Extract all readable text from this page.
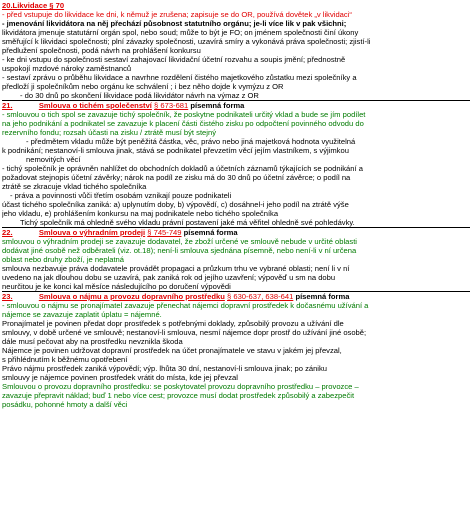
20.Likvidace § 70
- před vstupuje do likvidace ke dni, k němuž je zrušena; zapisuje se do OR, používá dovětek „v likvidaci“
- jmenování likvidátora na něj přechází působnost statutního orgánu; je-li více lik v pak všichni;
likvidátora jmenuje statutární orgán spol, nebo soud; může to být je FO; on jménem společnosti činí úkony
směřující k likvidaci společnosti; plní závazky společnosti, uzavírá smíry a vykonává práva společnosti; zjistí-li
předlužení společnosti, podá návrh na prohlášení konkursu
- ke dni vstupu do společnosti sestaví zahajovací likvidační účetní rozvahu a soupis jmění; přednostně
uspokojí mzdové nároky zaměstnanců
- sestaví zprávu o průběhu likvidace a navrhne rozdělení čistého majetkového zůstatku mezi společníky a
předloží ji společníkům nebo orgánu ke schválení ; i bez něho dojde k vymýzu z OR
- do 30 dnů po skončení likvidace podá likvidátor návrh na výmaz z OR
21.	Smlouva o tichém společenství § 673-681 písemná forma
- smlouvou o tich spol se zavazuje tichý společník, že poskytne podnikateli určitý vklad a bude se jím podílet
na jeho podnikání a podnikatel se zavazuje k placení části čistého zisku po odpočtení povinného odvodu do
rezervního fondu; rozsah účasti na zisku / ztrátě musí být stejný
- předmětem vkladu může být peněžitá částka, věc, právo nebo jiná majetková hodnota využitelná
k podnikání; nestanoví-li smlouva jinak, stává se podnikatel převzetím věcí jejím vlastníkem, s výjimkou
nemovitých věcí
- tichý společník je oprávněn nahlížet do obchodních dokladů a účetních záznamů týkajících se podnikání a
požadovat stejnopis účetní závěrky; nárok na podíl ze zisku má do 30 dnů po účetní závěrce; o podíl na
ztrátě se zkracuje vklad tichého společníka
- práva a povinnosti vůči třetím osobám vznikají pouze podnikateli
účast tichého společníka zaniká: a) uplynutím doby, b) výpovědí, c) dosáhnel-i jeho podíl na ztrátě výše
jeho vkladu, e) prohlášením konkursu na maj podnikatele nebo tichého společníka
Tichý společník má ohledně svého vkladu právní postavení jaké má věřitel ohledně své pohledávky.
22.	Smlouva o výhradním prodeji § 745-749 písemná forma
smlouvou o výhradním prodeji se zavazuje dodavatel, že zboží určené ve smlouvě nebude v určité oblasti
dodávat jiné osobě než odběrateli (viz. ot.18); není-li smlouva sjednána písemně, nebo není-li v ní určena
oblast nebo druhy zboží, je neplatná
smlouva nezbavuje práva dodavatele provádět propagaci a průzkum trhu ve vybrané oblasti; není li v ní
uvedeno na jak dlouhou dobu se uzavírá, pak zaniká rok od jejího uzavření; výpověď u sm na dobu
neurčitou je ke konci kal měsíce následujícího po doručení výpovědi
23.	Smlouva o nájmu a provozu dopravního prostředku § 630-637, 638-641 písemná forma
- smlouvou o nájmu se pronajímatel zavazuje přenechat nájemci dopravní prostředek k dočasnému užívání a
nájemce se zavazuje zaplatit úplatu = nájemné.
Pronajímatel je povinen předat dopr prostředek s potřebnými doklady, způsobilý provozu a užívání dle
smlouvy, v době určené ve smlouvě; nestanoví-li smlouva, nesmí nájemce dopr prostř do užívání jiné osobě;
dále musí pečovat aby na prostředku nevznikla škoda
Nájemce je povinen udržovat dopravní prostředek na účet pronajímatele ve stavu v jakém jej převzal,
s přihlédnutím k běžnému opotřebení
Právo nájmu prostředek zaniká výpovědí; výp. lhůta 30 dní, nestanoví-li smlouva jinak; po zániku
smlouvy je nájemce povinen prostředek vrátit do místa, kde jej převzal
Smlouvou o provozu dopravního prostředku: se poskytovatel provozu dopravního prostředku – provozce –
zavazuje přepravit náklad; buď 1 nebo více cest; provozce musí dodat prostředek způsobilý a zabezpečit
posádku, pohonné hmoty a další věci
